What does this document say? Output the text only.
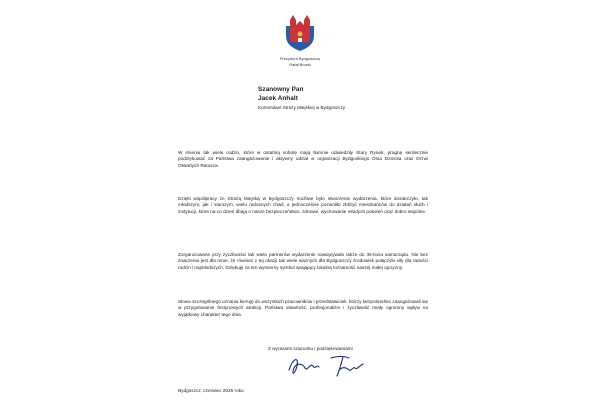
Prezydent Bydgoszczy
Rafał Bruski
Szanowny Pan
Jacek Anhalt
Komendant Straży Miejskiej w Bydgoszczy

W imieniu tak wielu rodzin, które w ostatnią sobotę mają tłumnie odwiedziły Stary Rynek, pragnę serdecznie podziękować za Państwa zaangażowanie i aktywny udział w organizacji Bydgoskiego Dnia Dziecka oraz Drzwi Otwartych Ratusza.

Dzięki współpracy ze Strażą Miejską w Bydgoszczy możliwe było stworzenie wydarzenia, które dostarczyło, tak młodszym, jak i starszym, wielu radosnych chwil, a jednocześnie pozwoliło zbliżyć mieszkańców do działań służb i instytucji, które na co dzień dbają o nasze bezpieczeństwo, zdrowie, wychowanie młodych pokoleń oraz dobro wspólne.

Zorganizowane przy życzliwości tak wielu partnerów wydarzenie nawiązywało także do 35-lecia samorządu. Nie bez znaczenia jest dla mnie, że również z tej okazji tak wiele ważnych dla Bydgoszczy środowisk połączyło siły dla radości rodzin i najmłodszych. Dziękuję za ten wymierny symbol spajający lokalną tożsamość naszej małej ojczyzny.

Słowa szczególnego uznania kieruję do wszystkich pracowników i przedstawicieli, którzy bezpośrednio zaangażowali się w przygotowanie festynowych atrakcji. Państwa otwartość, profesjonalizm i życzliwość miały ogromny wpływ na wyjątkowy charakter tego dnia.

Z wyrazami szacunku i podziękowaniami
Bydgoszcz, czerwiec 2025 roku
